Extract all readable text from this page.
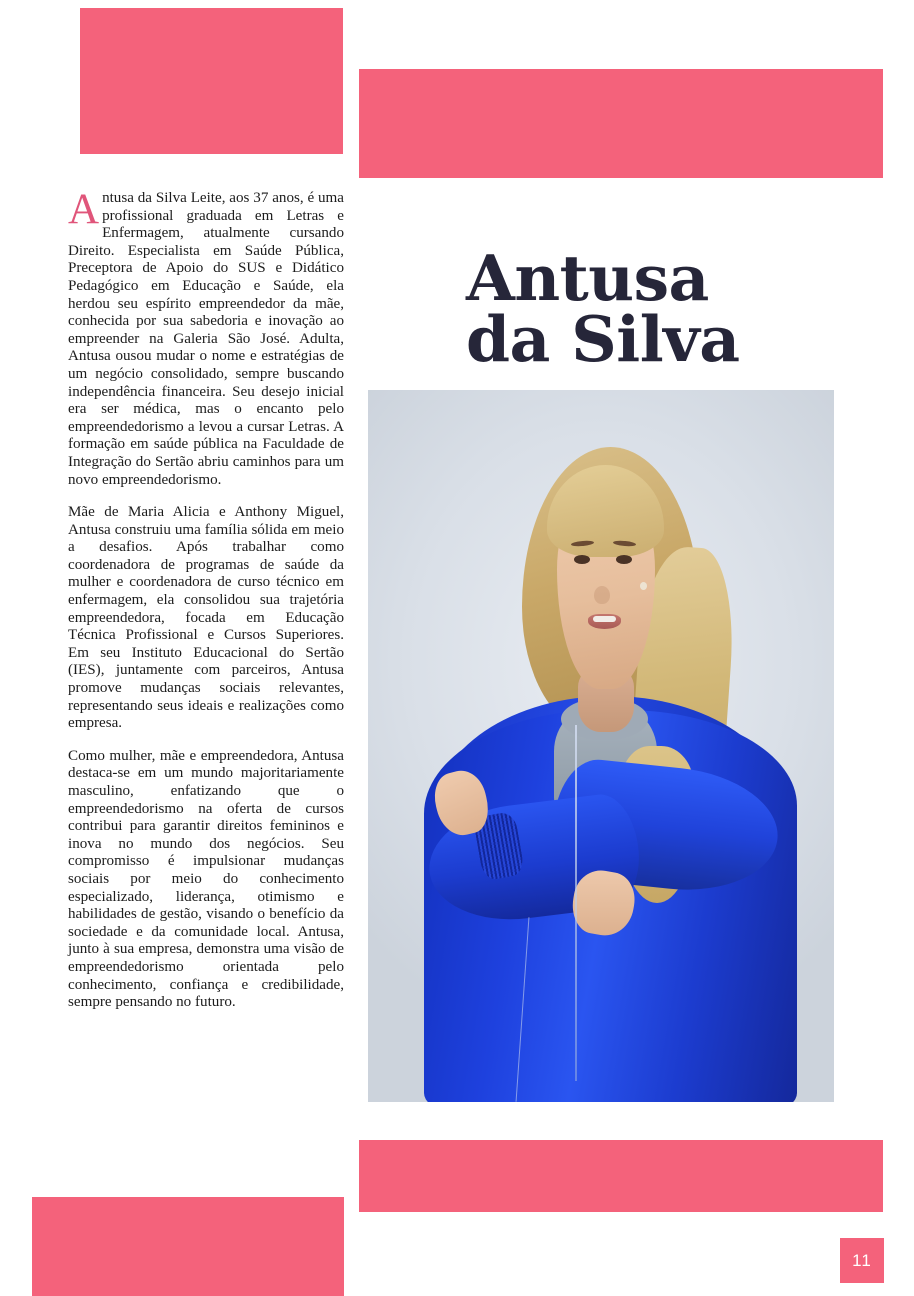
Antusa
da Silva

Antusa da Silva Leite, aos 37 anos, é uma profissional graduada em Letras e Enfermagem, atualmente cursando Direito. Especialista em Saúde Pública, Preceptora de Apoio do SUS e Didático Pedagógico em Educação e Saúde, ela herdou seu espírito empreendedor da mãe, conhecida por sua sabedoria e inovação ao empreender na Galeria São José. Adulta, Antusa ousou mudar o nome e estratégias de um negócio consolidado, sempre buscando independência financeira. Seu desejo inicial era ser médica, mas o encanto pelo empreendedorismo a levou a cursar Letras. A formação em saúde pública na Faculdade de Integração do Sertão abriu caminhos para um novo empreendedorismo.

Mãe de Maria Alicia e Anthony Miguel, Antusa construiu uma família sólida em meio a desafios. Após trabalhar como coordenadora de programas de saúde da mulher e coordenadora de curso técnico em enfermagem, ela consolidou sua trajetória empreendedora, focada em Educação Técnica Profissional e Cursos Superiores. Em seu Instituto Educacional do Sertão (IES), juntamente com parceiros, Antusa promove mudanças sociais relevantes, representando seus ideais e realizações como empresa.

Como mulher, mãe e empreendedora, Antusa destaca-se em um mundo majoritariamente masculino, enfatizando que o empreendedorismo na oferta de cursos contribui para garantir direitos femininos e inova no mundo dos negócios. Seu compromisso é impulsionar mudanças sociais por meio do conhecimento especializado, liderança, otimismo e habilidades de gestão, visando o benefício da sociedade e da comunidade local. Antusa, junto à sua empresa, demonstra uma visão de empreendedorismo orientada pelo conhecimento, confiança e credibilidade, sempre pensando no futuro.

11
